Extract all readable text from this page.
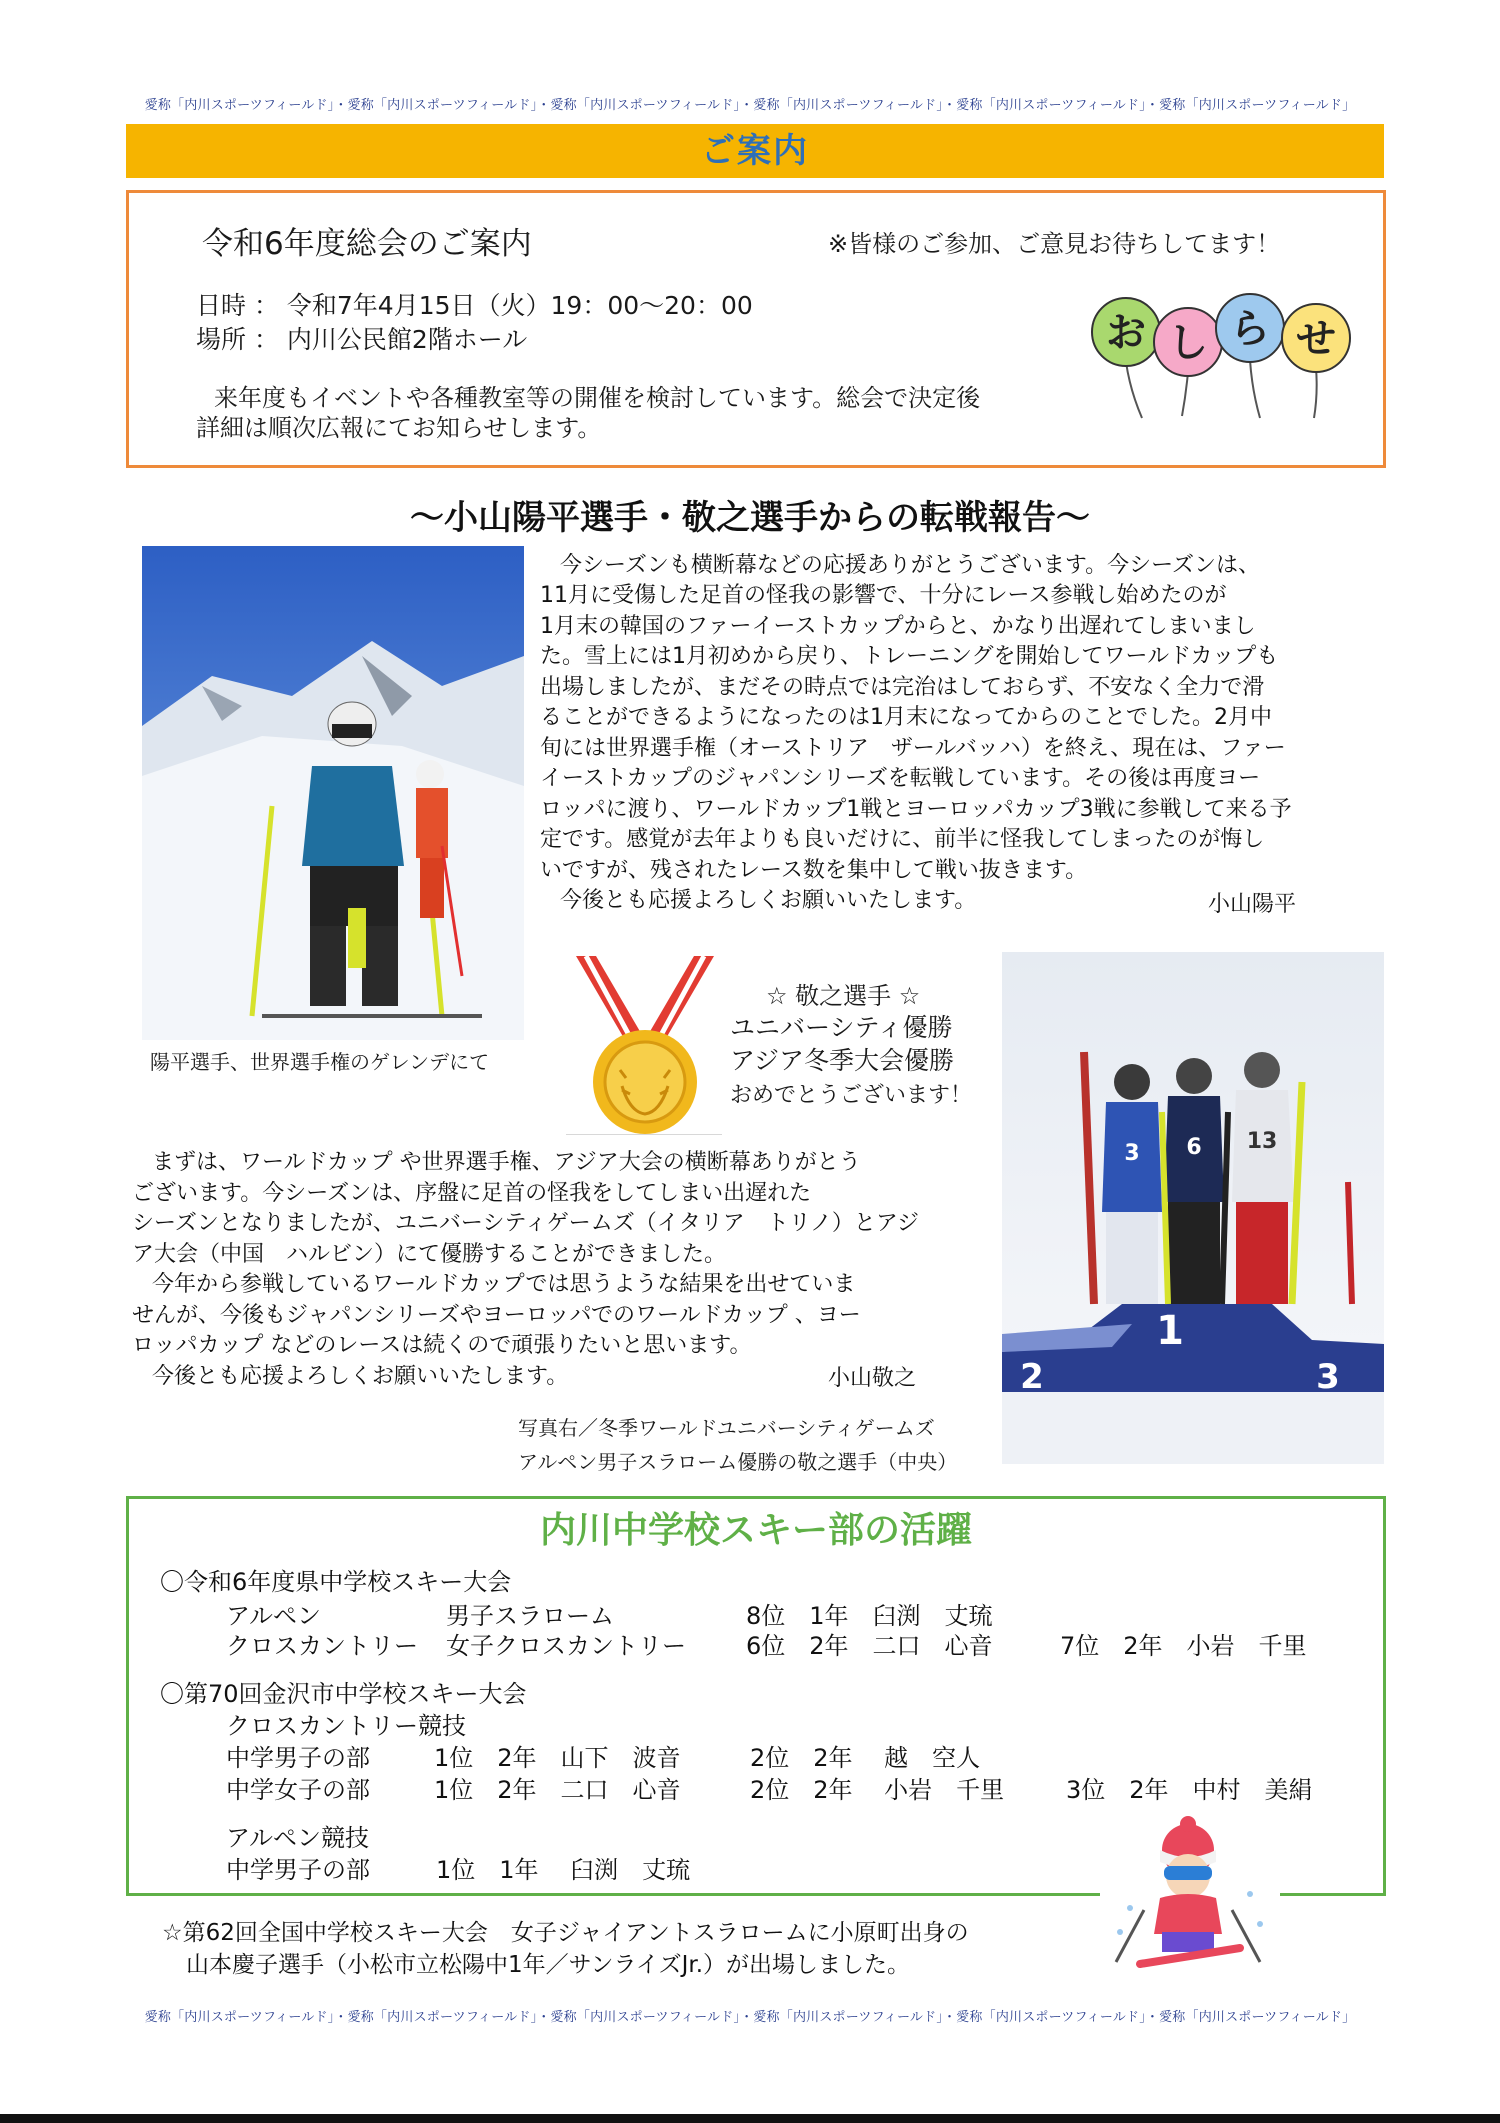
愛称「内川スポーツフィールド」・愛称「内川スポーツフィールド」・愛称「内川スポーツフィールド」・愛称「内川スポーツフィールド」・愛称「内川スポーツフィールド」・愛称「内川スポーツフィールド」
ご案内
令和6年度総会のご案内	※皆様のご参加、ご意見お待ちしてます！
日時 ： 令和7年4月15日（火）19：00～20：00
場所 ： 内川公民館2階ホール
来年度もイベントや各種教室等の開催を検討しています。総会で決定後
詳細は順次広報にてお知らせします。
お し ら せ
～小山陽平選手・敬之選手からの転戦報告～
陽平選手、世界選手権のゲレンデにて
今シーズンも横断幕などの応援ありがとうございます。今シーズンは、
11月に受傷した足首の怪我の影響で、十分にレース参戦し始めたのが
1月末の韓国のファーイーストカップからと、かなり出遅れてしまいまし
た。雪上には1月初めから戻り、トレーニングを開始してワールドカップも
出場しましたが、まだその時点では完治はしておらず、不安なく全力で滑
ることができるようになったのは1月末になってからのことでした。2月中
旬には世界選手権（オーストリア　ザールバッハ）を終え、現在は、ファー
イーストカップのジャパンシリーズを転戦しています。その後は再度ヨー
ロッパに渡り、ワールドカップ1戦とヨーロッパカップ3戦に参戦して来る予
定です。感覚が去年よりも良いだけに、前半に怪我してしまったのが悔し
いですが、残されたレース数を集中して戦い抜きます。
今後とも応援よろしくお願いいたします。	小山陽平
☆ 敬之選手 ☆
ユニバーシティ優勝
アジア冬季大会優勝
おめでとうございます！
まずは、ワールドカップ や世界選手権、アジア大会の横断幕ありがとう
ございます。今シーズンは、序盤に足首の怪我をしてしまい出遅れた
シーズンとなりましたが、ユニバーシティゲームズ（イタリア　トリノ）とアジ
ア大会（中国　ハルビン）にて優勝することができました。
今年から参戦しているワールドカップでは思うような結果を出せていま
せんが、今後もジャパンシリーズやヨーロッパでのワールドカップ 、ヨー
ロッパカップ などのレースは続くので頑張りたいと思います。
今後とも応援よろしくお願いいたします。	小山敬之
写真右／冬季ワールドユニバーシティゲームズ
アルペン男子スラローム優勝の敬之選手（中央）
3 6 13
2
1
3
内川中学校スキー部の活躍
〇令和6年度県中学校スキー大会
アルペン	男子スラローム	8位　1年　臼渕　丈琉
クロスカントリー 女子クロスカントリー	6位　2年　二口　心音	7位　2年　小岩　千里
〇第70回金沢市中学校スキー大会
クロスカントリー競技
中学男子の部	1位　2年　山下　波音	2位　2年　 越　空人
中学女子の部	1位　2年　二口　心音	2位　2年　 小岩　千里	3位　2年　中村　美絹
アルペン競技
中学男子の部	1位　1年　 臼渕　丈琉
☆第62回全国中学校スキー大会　女子ジャイアントスラロームに小原町出身の
山本慶子選手（小松市立松陽中1年／サンライズJr.）が出場しました。
愛称「内川スポーツフィールド」・愛称「内川スポーツフィールド」・愛称「内川スポーツフィールド」・愛称「内川スポーツフィールド」・愛称「内川スポーツフィールド」・愛称「内川スポーツフィールド」
